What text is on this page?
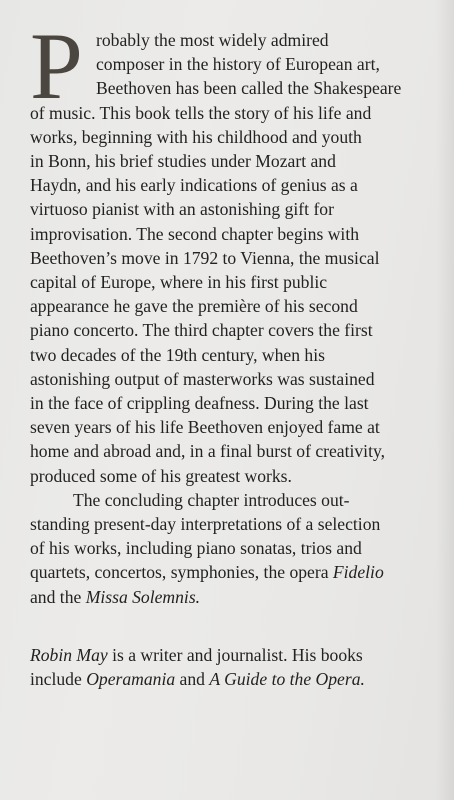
P robably the most widely admired
composer in the history of European art,
Beethoven has been called the Shakespeare
of music. This book tells the story of his life and
works, beginning with his childhood and youth
in Bonn, his brief studies under Mozart and
Haydn, and his early indications of genius as a
virtuoso pianist with an astonishing gift for
improvisation. The second chapter begins with
Beethoven’s move in 1792 to Vienna, the musical
capital of Europe, where in his first public
appearance he gave the première of his second
piano concerto. The third chapter covers the first
two decades of the 19th century, when his
astonishing output of masterworks was sustained
in the face of crippling deafness. During the last
seven years of his life Beethoven enjoyed fame at
home and abroad and, in a final burst of creativity,
produced some of his greatest works.
The concluding chapter introduces out-
standing present-day interpretations of a selection
of his works, including piano sonatas, trios and
quartets, concertos, symphonies, the opera Fidelio
and the Missa Solemnis.
Robin May is a writer and journalist. His books
include Operamania and A Guide to the Opera.
